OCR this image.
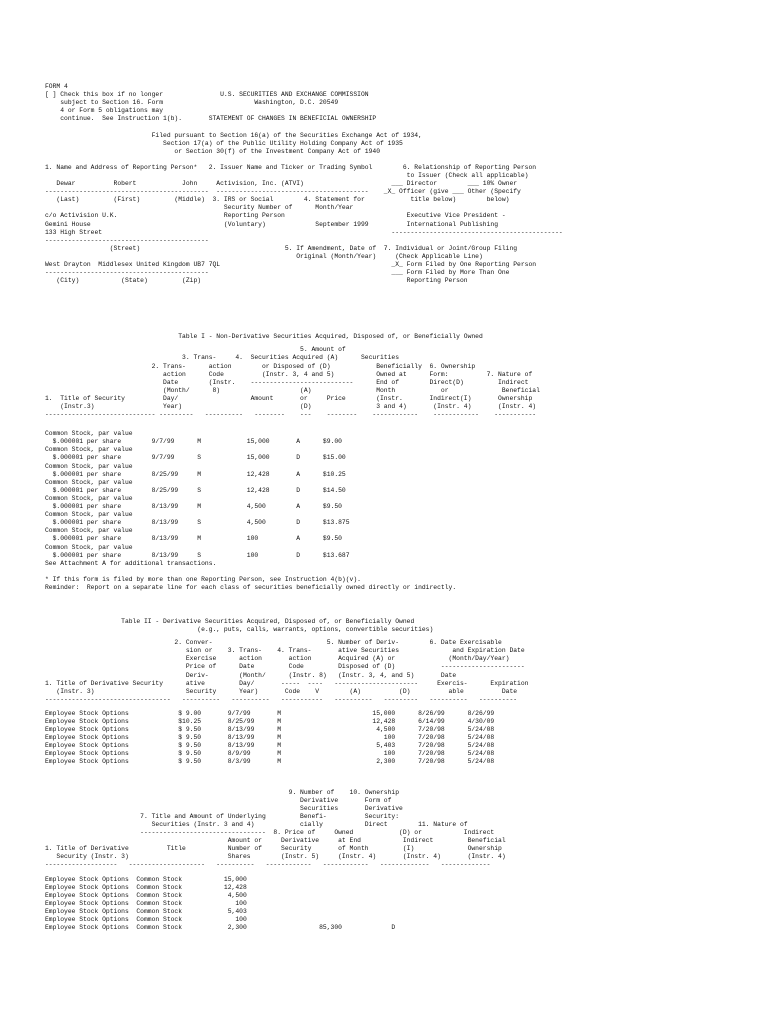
FORM 4
[ ] Check this box if no longer               U.S. SECURITIES AND EXCHANGE COMMISSION
subject to Section 16. Form                        Washington, D.C. 20549
4 or Form 5 obligations may
continue.  See Instruction 1(b).       STATEMENT OF CHANGES IN BENEFICIAL OWNERSHIP

Filed pursuant to Section 16(a) of the Securities Exchange Act of 1934,
Section 17(a) of the Public Utility Holding Company Act of 1935
or Section 30(f) of the Investment Company Act of 1940

1. Name and Address of Reporting Person*   2. Issuer Name and Ticker or Trading Symbol        6. Relationship of Reporting Person
to Issuer (Check all applicable)
Dewar          Robert            John     Activision, Inc. (ATVI)                       ___ Director        ___ 10% Owner
-------------------------------------------  ----------------------------------------    _X_ Officer (give ___ Other (Specify
(Last)         (First)         (Middle)  3. IRS or Social        4. Statement for            title below)        below)
Security Number of      Month/Year
c/o Activision U.K.                            Reporting Person                                Executive Vice President -
Gemini House                                   (Voluntary)             September 1999          International Publishing
133 High Street                                                                            ---------------------------------------------
-------------------------------------------
(Street)                                      5. If Amendment, Date of  7. Individual or Joint/Group Filing
Original (Month/Year)     (Check Applicable Line)
West Drayton  Middlesex United Kingdom UB7 7QL                                             _X_ Form Filed by One Reporting Person
-------------------------------------------                                                ___ Form Filed by More Than One
(City)           (State)         (Zip)                                                      Reporting Person

Table I - Non-Derivative Securities Acquired, Disposed of, or Beneficially Owned

5. Amount of
3. Trans-     4.  Securities Acquired (A)      Securities
2. Trans-      action        or Disposed of (D)            Beneficially  6. Ownership
action      Code          (Instr. 3, 4 and 5)           Owned at      Form:          7. Nature of
Date        (Instr.    ---------------------------      End of        Direct(D)         Indirect
(Month/      8)                     (A)                 Month            or              Beneficial
1.  Title of Security          Day/                   Amount       or     Price        (Instr.       Indirect(I)       Ownership
(Instr.3)                  Year)                               (D)                 3 and 4)       (Instr. 4)       (Instr. 4)
----------------------------- ---------   ----------   --------    ---    --------    ------------    ------------    -----------

Common Stock, par value
$.000001 per share        9/7/99      M            15,000       A      $9.00
Common Stock, par value
$.000001 per share        9/7/99      S            15,000       D      $15.00
Common Stock, par value
$.000001 per share        8/25/99     M            12,428       A      $10.25
Common Stock, par value
$.000001 per share        8/25/99     S            12,428       D      $14.50
Common Stock, par value
$.000001 per share        8/13/99     M            4,500        A      $9.50
Common Stock, par value
$.000001 per share        8/13/99     S            4,500        D      $13.875
Common Stock, par value
$.000001 per share        8/13/99     M            100          A      $9.50
Common Stock, par value
$.000001 per share        8/13/99     S            100          D      $13.687
See Attachment A for additional transactions.

* If this form is filed by more than one Reporting Person, see Instruction 4(b)(v).
Reminder:  Report on a separate line for each class of securities beneficially owned directly or indirectly.

Table II - Derivative Securities Acquired, Disposed of, or Beneficially Owned
(e.g., puts, calls, warrants, options, convertible securities)

2. Conver-                              5. Number of Deriv-        6. Date Exercisable
sion or    3. Trans-    4. Trans-       ative Securities              and Expiration Date
Exercise      action       action       Acquired (A) or              (Month/Day/Year)
Price of      Date         Code         Disposed of (D)            ----------------------
Deriv-        (Month/      (Instr. 8)   (Instr. 3, 4, and 5)       Date
1. Title of Derivative Security      ative         Day/       -----  ----   ----------------------     Exercis-      Expiration
(Instr. 3)                        Security      Year)       Code    V        (A)          (D)          able          Date
---------------------------------   ----------   ----------   -----------   ----------   ---------   ----------   ----------

Employee Stock Options             $ 9.00       9/7/99       M                        15,000      8/26/99      8/26/99
Employee Stock Options             $10.25       8/25/99      M                        12,428      6/14/99      4/30/09
Employee Stock Options             $ 9.50       8/13/99      M                         4,500      7/20/98      5/24/08
Employee Stock Options             $ 9.50       8/13/99      M                           100      7/20/98      5/24/08
Employee Stock Options             $ 9.50       8/13/99      M                         5,403      7/20/98      5/24/08
Employee Stock Options             $ 9.50       8/9/99       M                           100      7/20/98      5/24/08
Employee Stock Options             $ 9.50       8/3/99       M                         2,300      7/20/98      5/24/08

9. Number of    10. Ownership
Derivative       Form of
Securities       Derivative
7. Title and Amount of Underlying         Benefi-          Security:
Securities (Instr. 3 and 4)            cially           Direct        11. Nature of
---------------------------------  8. Price of     Owned            (D) or           Indirect
Amount or     Derivative     at End           Indirect         Beneficial
1. Title of Derivative          Title           Number of     Security       of Month         (I)              Ownership
Security (Instr. 3)                          Shares        (Instr. 5)     (Instr. 4)       (Instr. 4)       (Instr. 4)
-------------------   --------------------   ----------   ------------   ------------   -------------   -------------

Employee Stock Options  Common Stock           15,000
Employee Stock Options  Common Stock           12,428
Employee Stock Options  Common Stock            4,500
Employee Stock Options  Common Stock              100
Employee Stock Options  Common Stock            5,403
Employee Stock Options  Common Stock              100
Employee Stock Options  Common Stock            2,300                   85,300             D
